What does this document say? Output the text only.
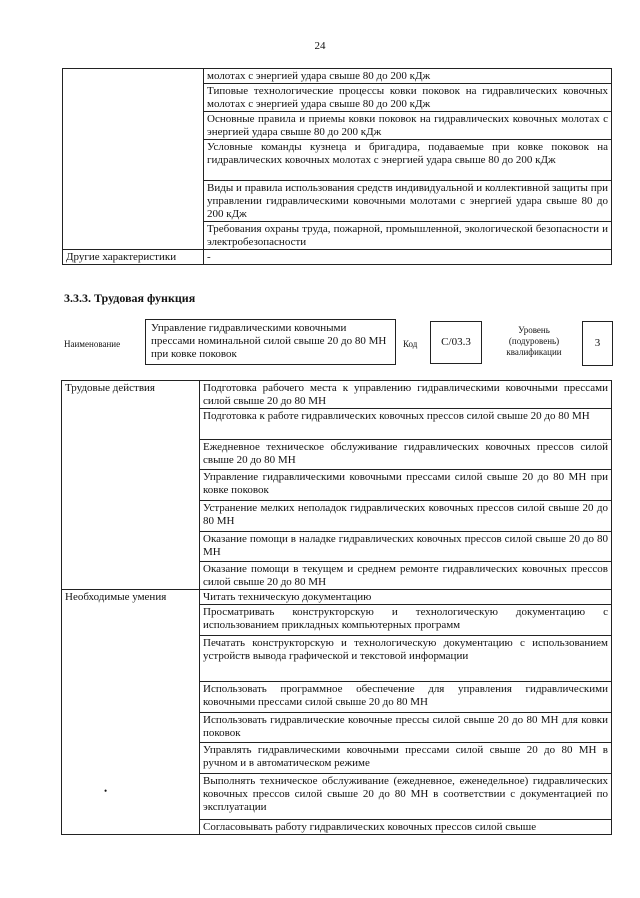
24
	молотах с энергией удара свыше 80 до 200 кДж
	Типовые технологические процессы ковки поковок на гидравлических ковочных молотах с энергией удара свыше 80 до 200 кДж
	Основные правила и приемы ковки поковок на гидравлических ковочных молотах с энергией удара свыше 80 до 200 кДж
	Условные команды кузнеца и бригадира, подаваемые при ковке поковок на гидравлических ковочных молотах с энергией удара свыше 80 до 200 кДж
	Виды и правила использования средств индивидуальной и коллективной защиты при управлении гидравлическими ковочными молотами с энергией удара свыше 80 до 200 кДж
	Требования охраны труда, пожарной, промышленной, экологической безопасности и электробезопасности
Другие характеристики	-
3.3.3. Трудовая функция
Наименование
Управление гидравлическими ковочными прессами номинальной силой свыше 20 до 80 МН при ковке поковок
Код	С/03.3
Уровень (подуровень) квалификации
3
Трудовые действия	Подготовка рабочего места к управлению гидравлическими ковочными прессами силой свыше 20 до 80 МН
	Подготовка к работе гидравлических ковочных прессов силой свыше 20 до 80 МН
	Ежедневное техническое обслуживание гидравлических ковочных прессов силой свыше 20 до 80 МН
	Управление гидравлическими ковочными прессами силой свыше 20 до 80 МН при ковке поковок
	Устранение мелких неполадок гидравлических ковочных прессов силой свыше 20 до 80 МН
	Оказание помощи в наладке гидравлических ковочных прессов силой свыше 20 до 80 МН
	Оказание помощи в текущем и среднем ремонте гидравлических ковочных прессов силой свыше 20 до 80 МН
Необходимые умения	Читать техническую документацию
	Просматривать конструкторскую и технологическую документацию с использованием прикладных компьютерных программ
	Печатать конструкторскую и технологическую документацию с использованием устройств вывода графической и текстовой информации
	Использовать программное обеспечение для управления гидравлическими ковочными прессами силой свыше 20 до 80 МН
	Использовать гидравлические ковочные прессы силой свыше 20 до 80 МН для ковки поковок
	Управлять гидравлическими ковочными прессами силой свыше 20 до 80 МН в ручном и в автоматическом режиме
	Выполнять техническое обслуживание (ежедневное, еженедельное) гидравлических ковочных прессов силой свыше 20 до 80 МН в соответствии с документацией по эксплуатации
	Согласовывать работу гидравлических ковочных прессов силой свыше
•
